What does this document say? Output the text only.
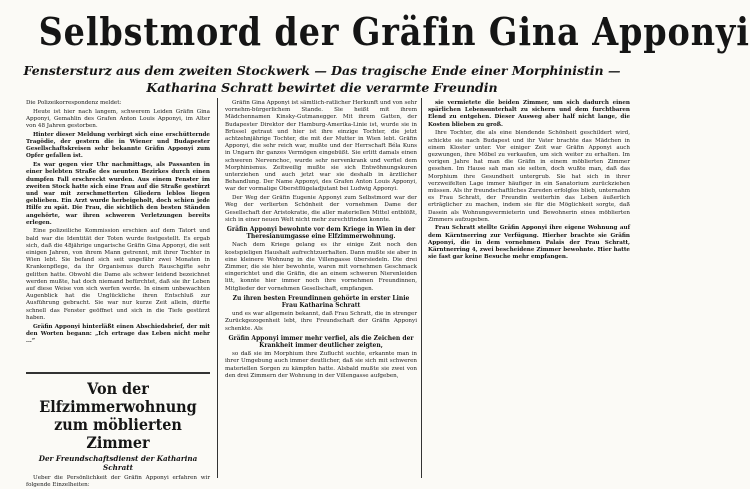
Selbstmord der Gräfin Gina Apponyi
Fenstersturz aus dem zweiten Stockwerk — Das tragische Ende einer Morphinistin — Katharina Schratt bewirtet die verarmte Freundin

Die Polizeikorrespondenz meldet:

Heute ist hier nach langem, schwerem Leiden Gräfin Gina Apponyi, Gemahlin des Grafen Anton Louis Apponyi, im Alter von 48 Jahren gestorben.

Hinter dieser Meldung verbirgt sich eine erschütternde Tragödie, der gestern die in Wiener und Budapester Gesellschaftskreisen sehr bekannte Gräfin Apponyi zum Opfer gefallen ist.

Es war gegen vier Uhr nachmittags, als Passanten in einer belebten Straße des neunten Bezirkes durch einen dumpfen Fall erschreckt wurden. Aus einem Fenster im zweiten Stock hatte sich eine Frau auf die Straße gestürzt und war mit zerschmetterten Gliedern leblos liegen geblieben. Ein Arzt wurde herbeigeholt, doch schien jede Hilfe zu spät. Die Frau, die sichtlich den besten Ständen angehörte, war ihren schweren Verletzungen bereits erlegen.

Eine polizeiliche Kommission erschien auf dem Tatort und bald war die Identität der Toten wurde festgestellt. Es ergab sich, daß die 48jährige ungarische Gräfin Gina Apponyi, die seit einigen Jahren, von ihrem Mann getrennt, mit ihrer Tochter in Wien lebt. Sie befand sich seit ungefähr zwei Monaten in Krankenpflege, da ihr Organismus durch Rauschgifte sehr gelitten hatte. Obwohl die Dame als schwer leidend bezeichnet werden mußte, hat doch niemand befürchtet, daß sie ihr Leben auf diese Weise von sich werfen werde. In einem unbewachten Augenblick hat die Unglückliche ihren Entschluß zur Ausführung gebracht. Sie war nur kurze Zeit allein, dürfte schnell das Fenster geöffnet und sich in die Tiefe gestürzt haben.

Gräfin Apponyi hinterläßt einen Abschiedsbrief, der mit den Worten begann: „Ich ertrage das Leben nicht mehr ...“

Von der Elfzimmerwohnung zum möblierten Zimmer
Der Freundschaftsdienst der Katharina Schratt

Ueber die Persönlichkeit der Gräfin Apponyi erfahren wir folgende Einzelheiten:

Gräfin Gina Apponyi ist sämtlich-ratlicher Herkunft und von sehr vornehm-bürgerlichem Stande. Sie heißt mit ihrem Mädchennamen Kinsky-Gutmanegger. Mit ihrem Gatten, der Budapester Direktor der Hamburg-Amerika-Linie ist, wurde sie in Brüssel getraut und hier ist ihre einzige Tochter, die jetzt achtzehnjährige Tochter, die mit der Mutter in Wien lebt. Gräfin Apponyi, die sehr reich war, mußte und der Herrschaft Béla Kuns in Ungarn ihr ganzes Vermögen eingebüßt. Sie erlitt damals einen schweren Nervenchoc, wurde sehr nervenkrank und verfiel dem Morphinismus. Zeitweilig mußte sie sich Entwöhnungskuren unterziehen und auch jetzt war sie deshalb in ärztlicher Behandlung. Der Name Apponyi, des Grafen Anton Louis Apponyi, war der vormalige Oberstflügeladjutant bei Ludwig Apponyi.

Der Weg der Gräfin Eugenie Apponyi zum Selbstmord war der Weg der verlierten Schönheit der vornehmen Dame der Gesellschaft der Aristokratie, die aller materiellen Mittel entblößt, sich in einer neuen Welt nicht mehr zurechtfinden konnte.

Gräfin Apponyi bewohnte vor dem Kriege in Wien in der Theresianumgasse eine Elfzimmerwohnung.

Nach dem Kriege gelang es ihr einige Zeit noch den kostspieligen Haushalt aufrechtzuerhalten. Dann mußte sie aber in eine kleinere Wohnung in die Villengasse übersiedeln. Die drei Zimmer, die sie hier bewohnte, waren mit vornehmen Geschmack eingerichtet und die Gräfin, die an einem schweren Nierenleiden litt, konnte hier immer noch ihre vornehmen Freundinnen, Mitglieder der vornehmen Gesellschaft, empfangen.

Zu ihren besten Freundinnen gehörte in erster Linie Frau Katharina Schratt

und es war allgemein bekannt, daß Frau Schratt, die in strenger Zurückgezogenheit lebt, ihre Freundschaft der Gräfin Apponyi schenkte. Als

Gräfin Apponyi immer mehr verfiel, als die Zeichen der Krankheit immer deutlicher zeigten,

so daß sie im Morphium ihre Zuflucht suchte, erkannte man in ihrer Umgebung auch immer deutlicher, daß sie sich mit schweren materiellen Sorgen zu kämpfen hatte. Alsbald mußte sie zwei von den drei Zimmern der Wohnung in der Villengasse aufgeben,

sie vermietete die beiden Zimmer, um sich dadurch einen spärlichen Lebensunterhalt zu sichern und dem furchtbaren Elend zu entgehen. Dieser Ausweg aber half nicht lange, die Kosten blieben zu groß.

Ihre Tochter, die als eine blendende Schönheit geschildert wird, schickte sie nach Budapest und ihr Vater brachte das Mädchen in einem Kloster unter. Vor einiger Zeit war Gräfin Apponyi auch gezwungen, ihre Möbel zu verkaufen, um sich weiter zu erhalten. Im vorigen Jahre hat man die Gräfin in einem möblierten Zimmer gesehen. Im Hause sah man sie selten, doch wußte man, daß das Morphium ihre Gesundheit untergrub. Sie hat sich in ihrer verzweifelten Lage immer häufiger in ein Sanatorium zurückziehen müssen. Als ihr freundschaftliches Zureden erfolglos blieb, unternahm es Frau Schratt, der Freundin weiterhin das Leben äußerlich erträglicher zu machen, indem sie für die Möglichkeit sorgte, daß Dasein als Wohnungsvermieterin und Bewohnerin eines möblierten Zimmers aufzugeben.

Frau Schratt stellte Gräfin Apponyi ihre eigene Wohnung auf dem Kärntnerring zur Verfügung. Hierher brachte sie Gräfin Apponyi, die in dem vornehmen Palais der Frau Schratt, Kärntnerring 4, zwei bescheidene Zimmer bewohnte. Hier hatte sie fast gar keine Besuche mehr empfangen.
